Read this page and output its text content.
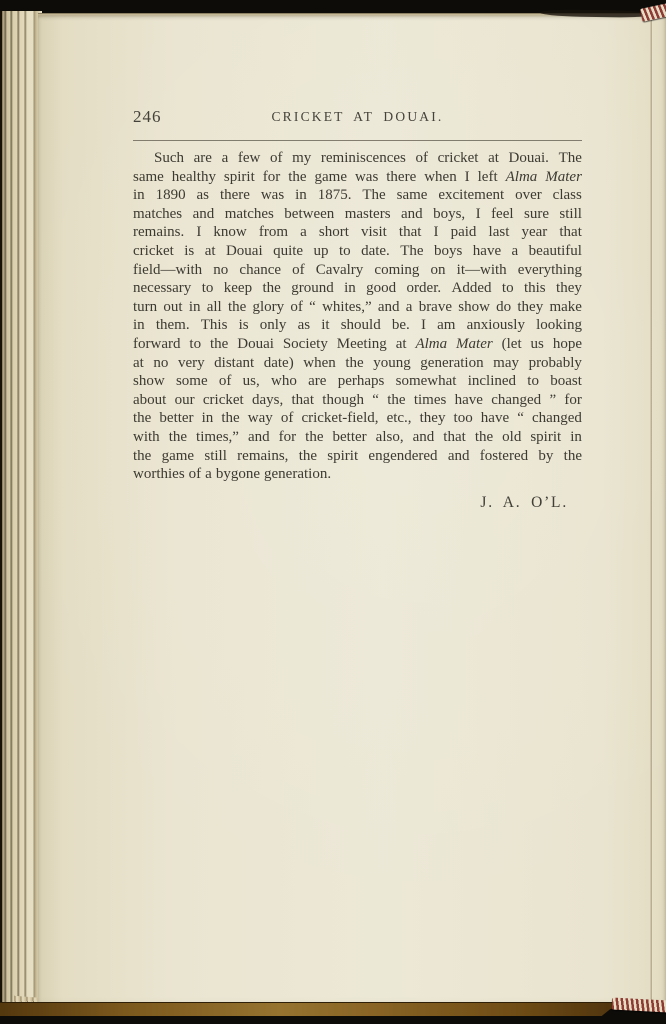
246	CRICKET AT DOUAI.
Such are a few of my reminiscences of cricket at Douai. The
same healthy spirit for the game was there when I left Alma Mater
in 1890 as there was in 1875. The same excitement over class
matches and matches between masters and boys, I feel sure still
remains. I know from a short visit that I paid last year that
cricket is at Douai quite up to date. The boys have a beautiful
field—with no chance of Cavalry coming on it—with everything
necessary to keep the ground in good order. Added to this they
turn out in all the glory of “ whites,” and a brave show do they make
in them. This is only as it should be. I am anxiously looking
forward to the Douai Society Meeting at Alma Mater (let us hope
at no very distant date) when the young generation may probably
show some of us, who are perhaps somewhat inclined to boast
about our cricket days, that though “ the times have changed ” for
the better in the way of cricket-field, etc., they too have “ changed
with the times,” and for the better also, and that the old spirit in
the game still remains, the spirit engendered and fostered by the
worthies of a bygone generation.
J. A. O’L.
